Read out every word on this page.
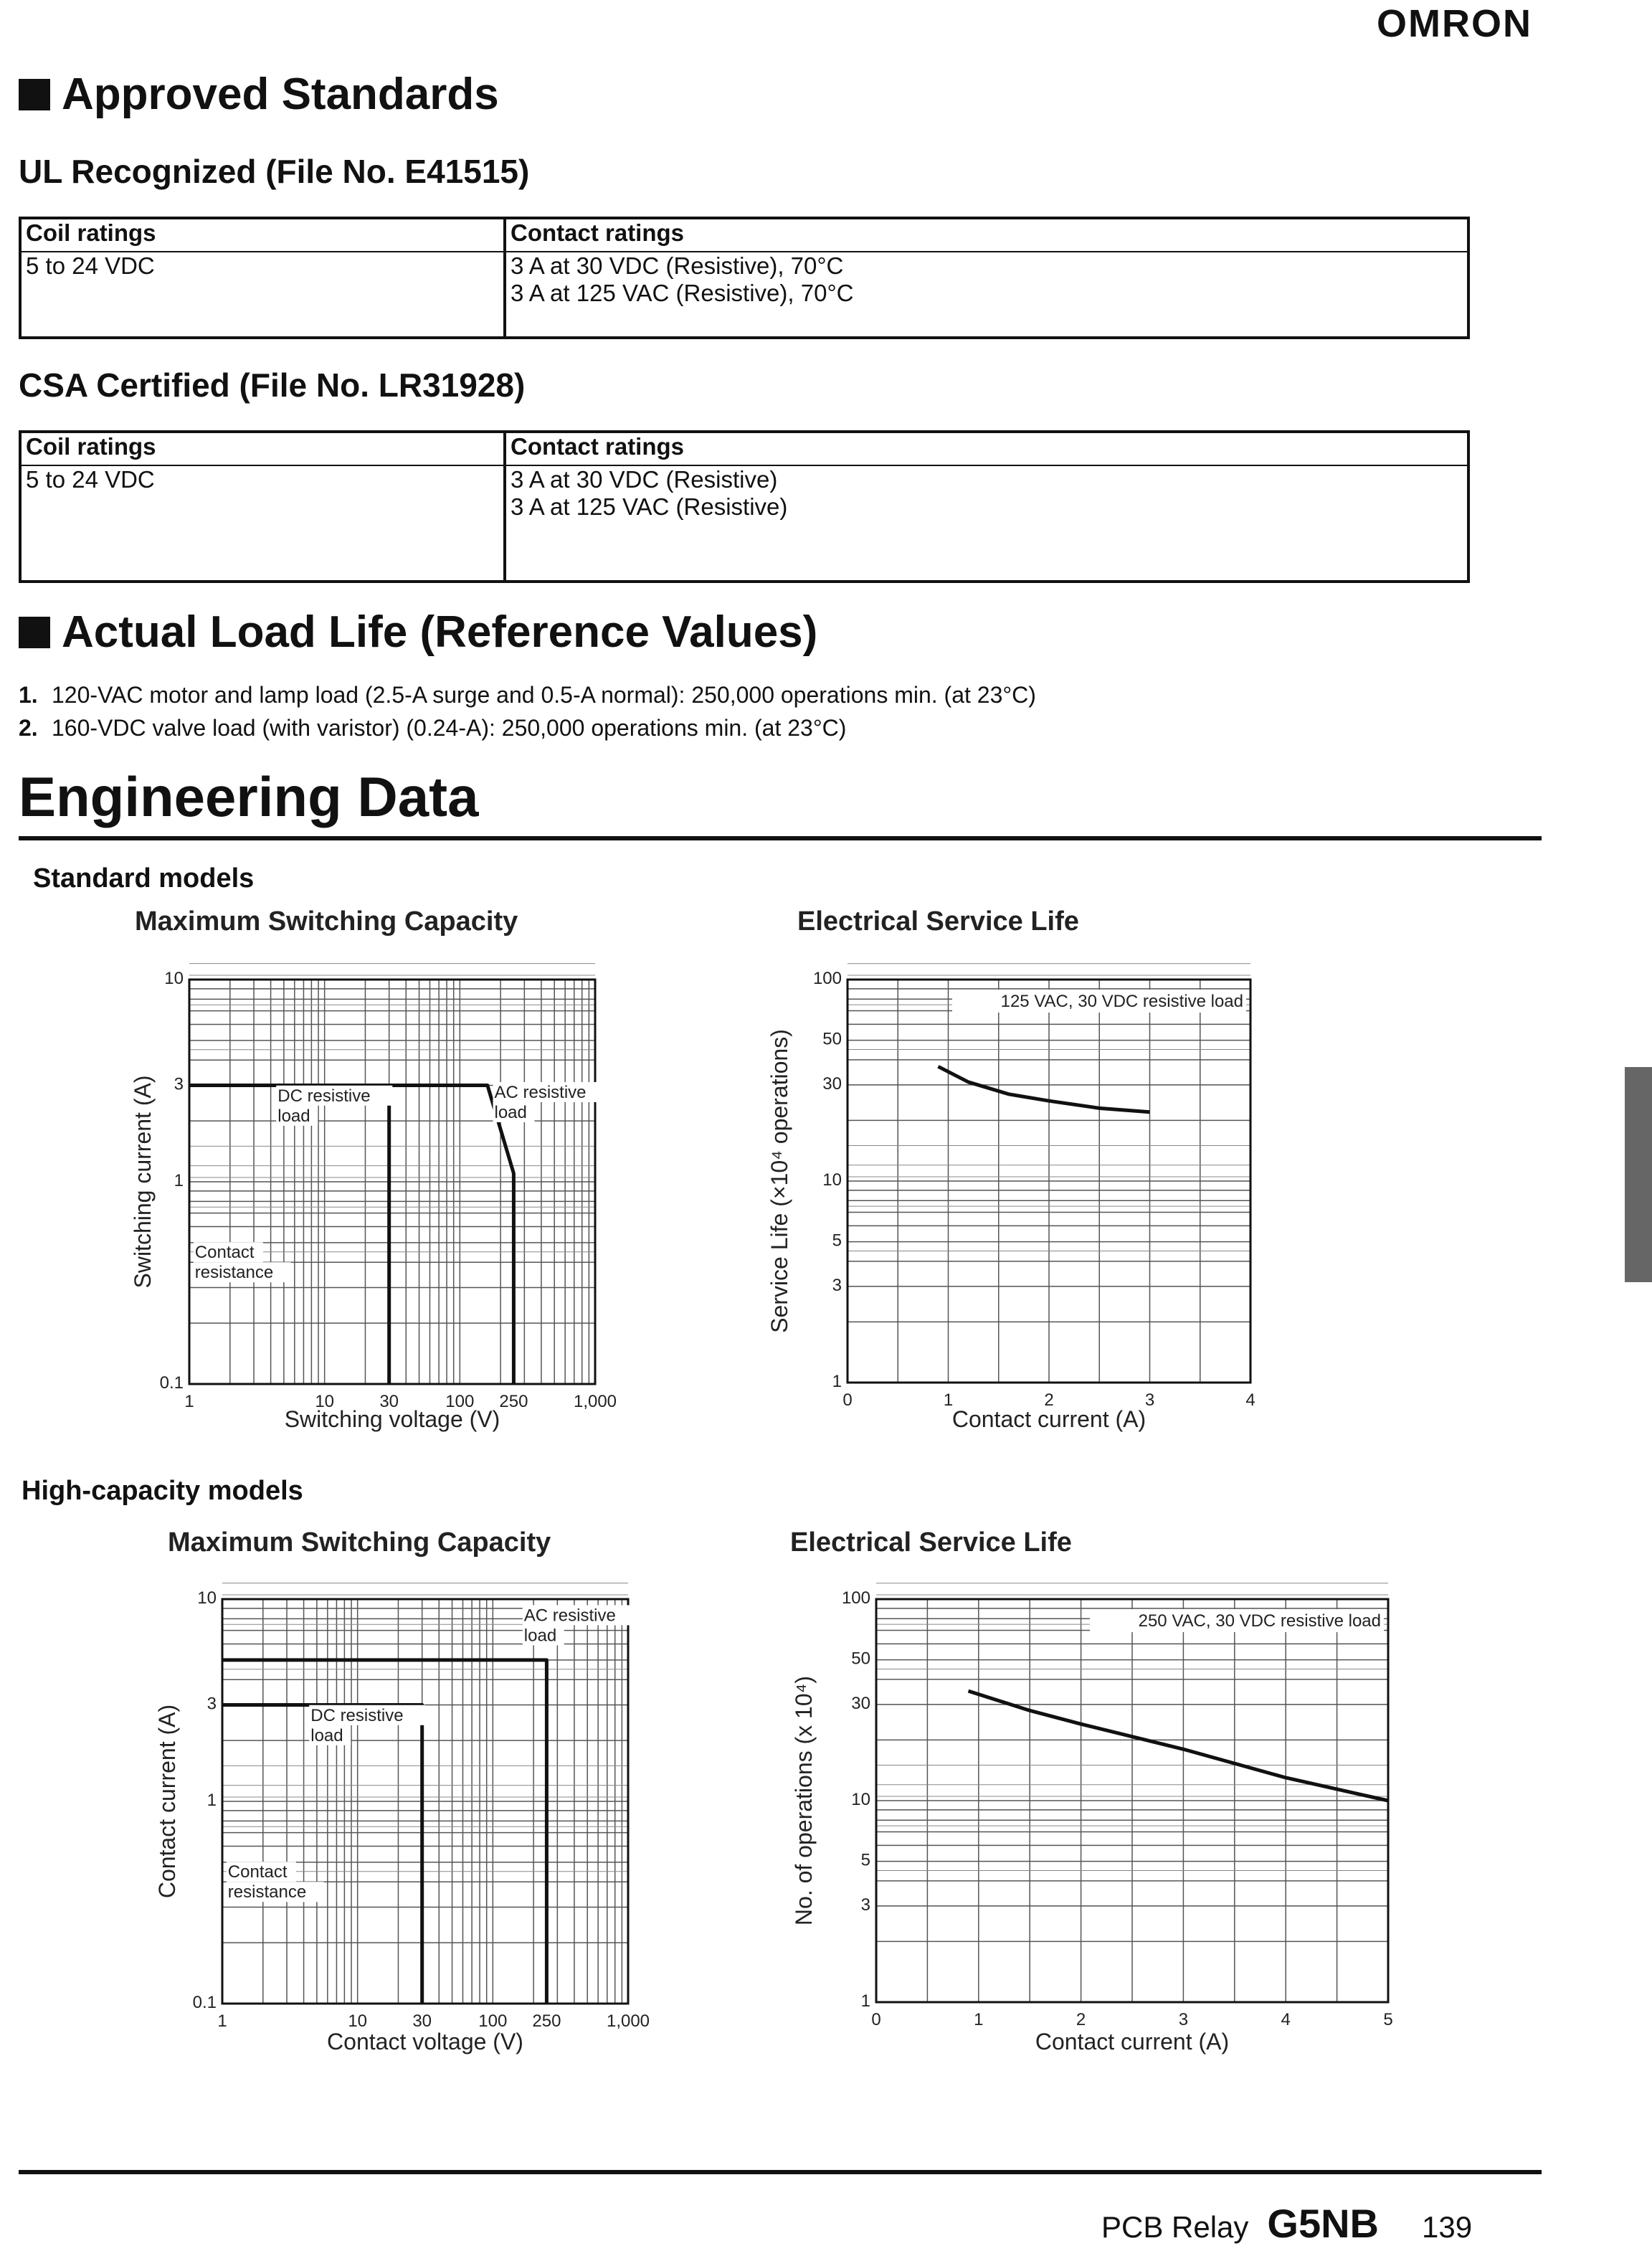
OMRON
Approved Standards
UL Recognized (File No. E41515)
Coil ratings	Contact ratings
5 to 24 VDC	3 A at 30 VDC (Resistive), 70°C
3 A at 125 VAC (Resistive), 70°C
CSA Certified (File No. LR31928)
Coil ratings	Contact ratings
5 to 24 VDC	3 A at 30 VDC (Resistive)
3 A at 125 VAC (Resistive)
Actual Load Life (Reference Values)
1. 120-VAC motor and lamp load (2.5-A surge and 0.5-A normal): 250,000 operations min. (at 23°C)
2. 160-VDC valve load (with varistor) (0.24-A): 250,000 operations min. (at 23°C)
Engineering Data
Standard models
Maximum Switching Capacity	Electrical Service Life
High-capacity models
Maximum Switching Capacity	Electrical Service Life
1	10	30	100 250	1,000
0.1
1
3
10
Switching voltage (V)
Switching current (A)	DC resistive
load
AC resistive
load
Contact
resistance
0	1	2	3	4
1
3
5
10
30
50
100
Contact current (A)
Service Life (×10⁴ operations)
125 VAC, 30 VDC resistive load
1	10	30	100 250	1,000
0.1
1
3
10
Contact voltage (V)
Contact current (A)
AC resistive
load
DC resistive
load
Contact
resistance
0	1	2	3	4	5
1
3
5
10
30
50
100
Contact current (A)
No. of operations (x 10⁴)
250 VAC, 30 VDC resistive load
PCB Relay G5NB 139
